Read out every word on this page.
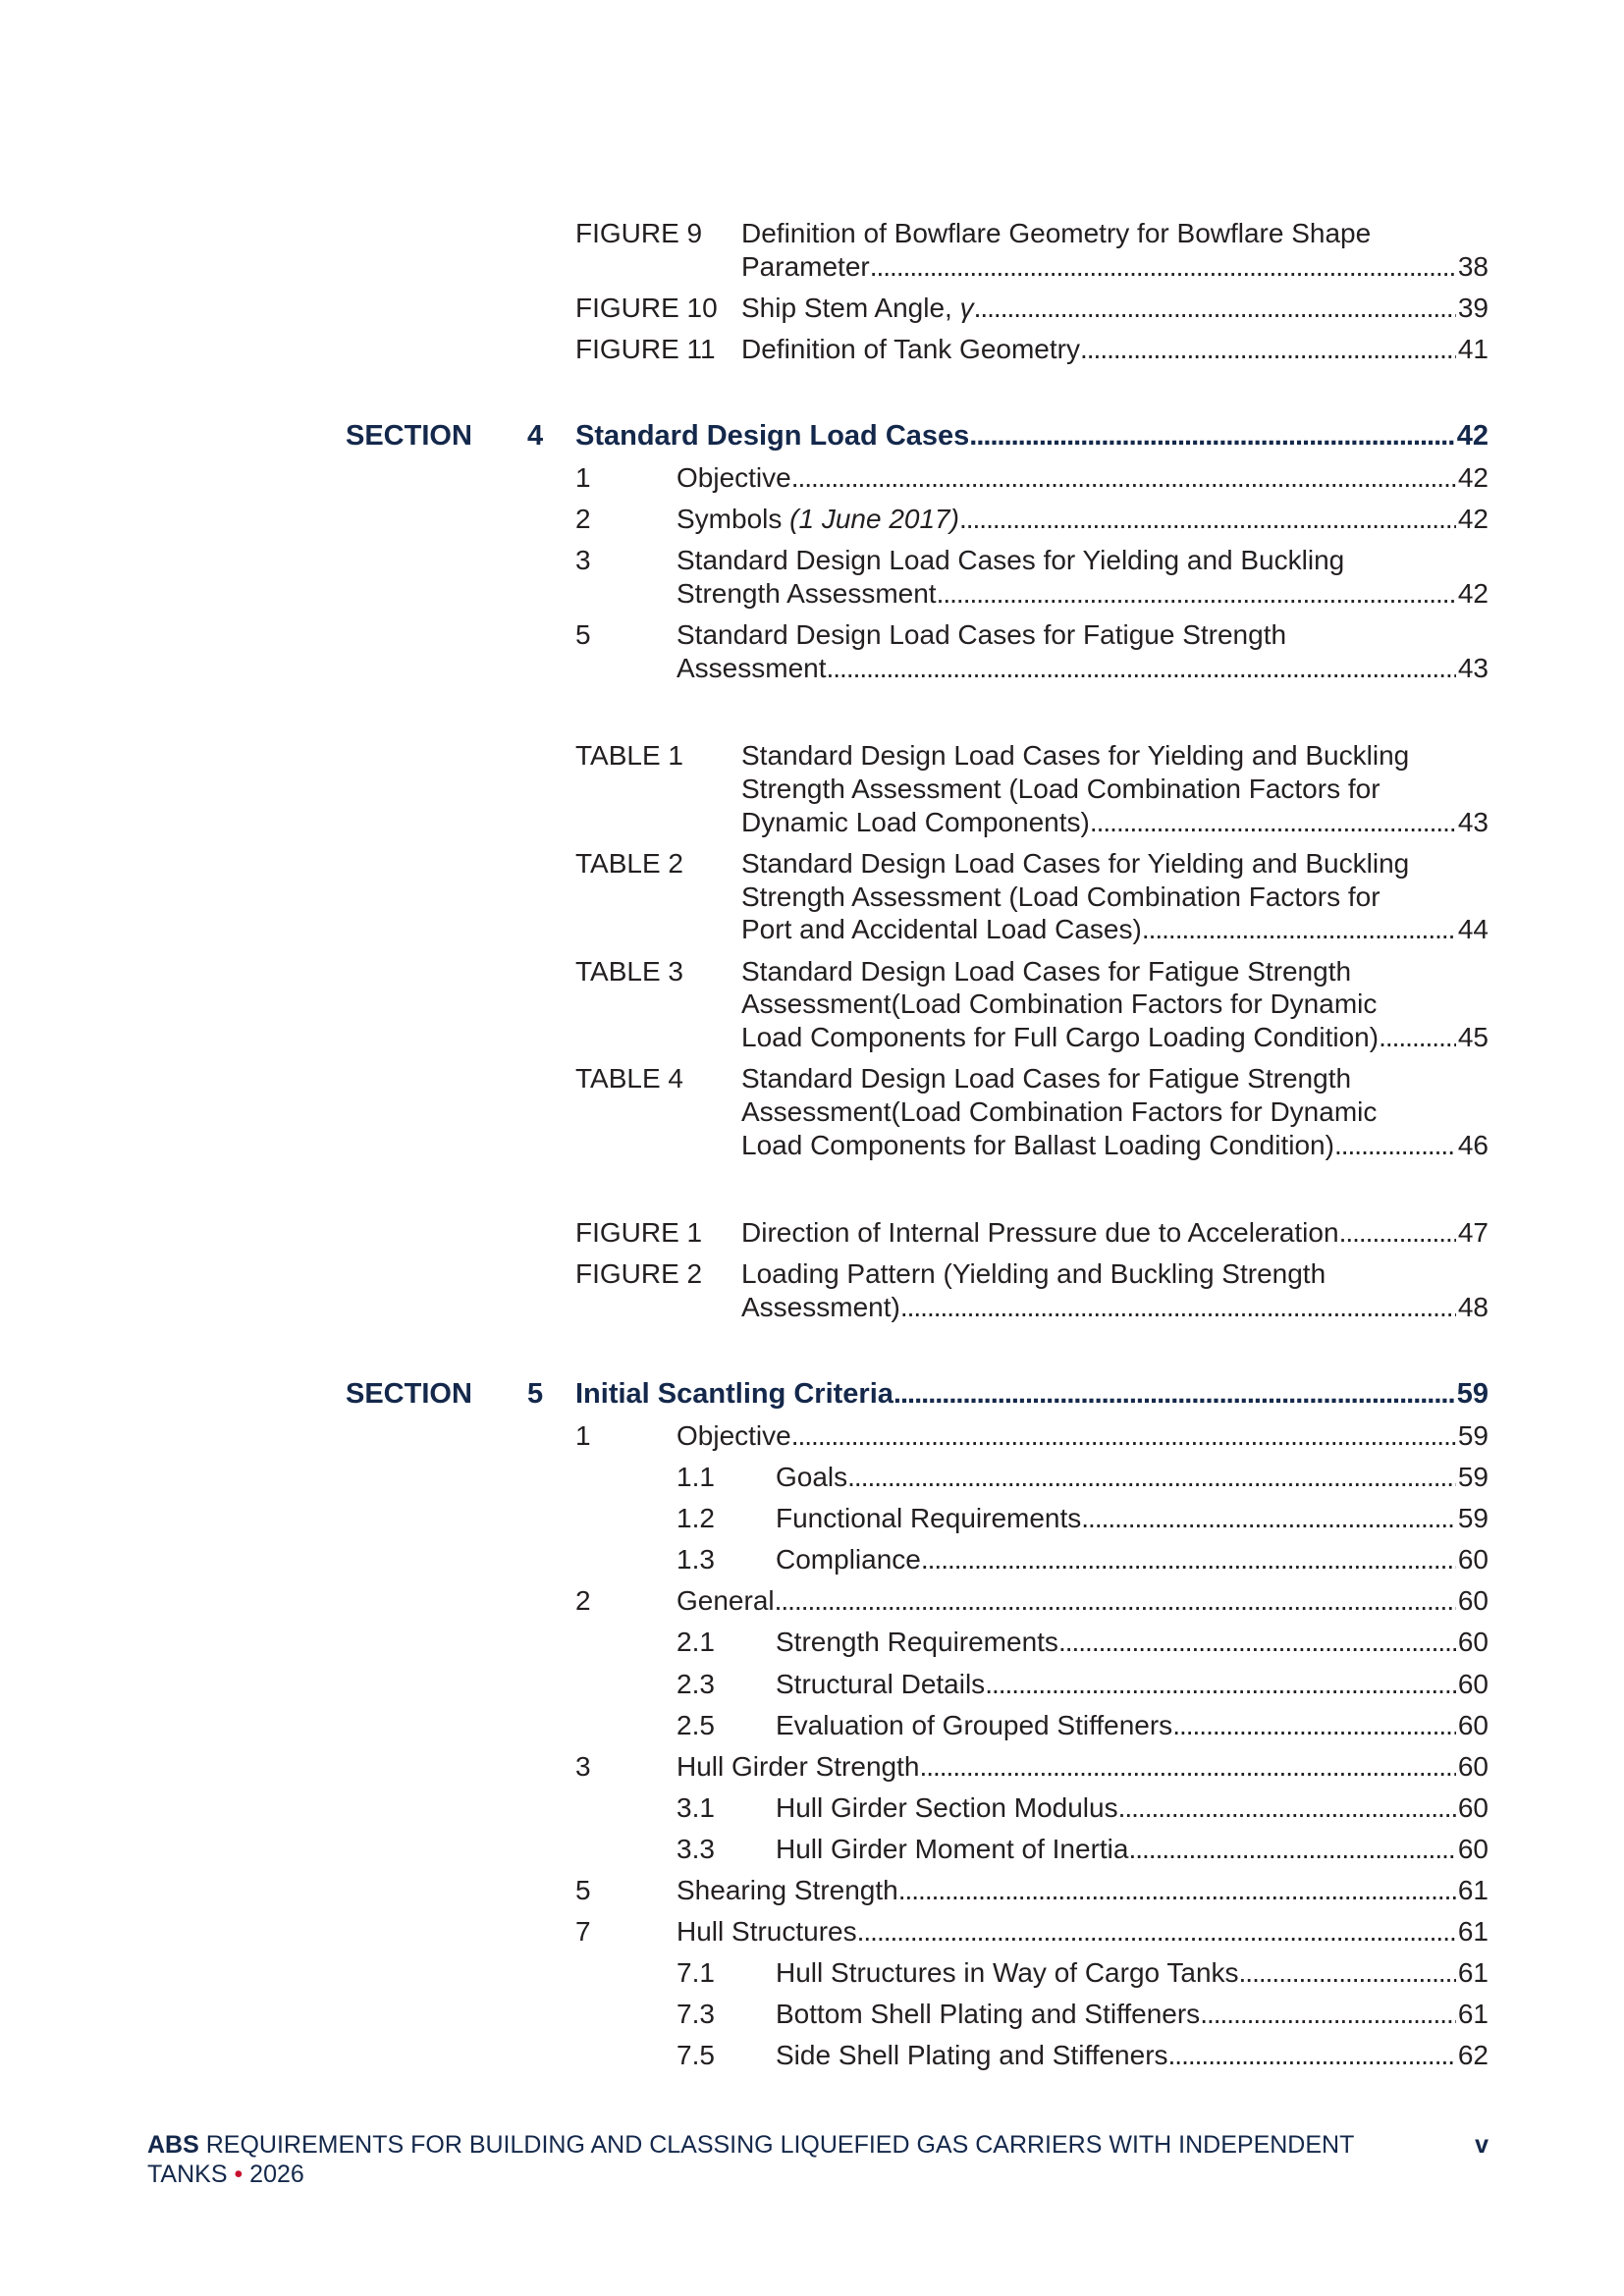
FIGURE 9 Definition of Bowflare Geometry for Bowflare Shape
Parameter .....	38
FIGURE 10 Ship Stem Angle, γ .....	39
FIGURE 11 Definition of Tank Geometry .....	41
SECTION 4 Standard Design Load Cases .....	42
1	Objective .....	42
2	Symbols (1 June 2017) .....	42
3	Standard Design Load Cases for Yielding and Buckling
Strength Assessment .....	42
5	Standard Design Load Cases for Fatigue Strength
Assessment .....	43
TABLE 1 Standard Design Load Cases for Yielding and Buckling
Strength Assessment (Load Combination Factors for
Dynamic Load Components) .....	43
TABLE 2 Standard Design Load Cases for Yielding and Buckling
Strength Assessment (Load Combination Factors for
Port and Accidental Load Cases) .....	44
TABLE 3 Standard Design Load Cases for Fatigue Strength
Assessment(Load Combination Factors for Dynamic
Load Components for Full Cargo Loading Condition) .....	45
TABLE 4 Standard Design Load Cases for Fatigue Strength
Assessment(Load Combination Factors for Dynamic
Load Components for Ballast Loading Condition) .....	46
FIGURE 1 Direction of Internal Pressure due to Acceleration .....	47
FIGURE 2 Loading Pattern (Yielding and Buckling Strength
Assessment) .....	48
SECTION 5 Initial Scantling Criteria .....	59
1	Objective .....	59
1.1 Goals .....	59
1.2 Functional Requirements .....	59
1.3 Compliance .....	60
2	General .....	60
2.1 Strength Requirements .....	60
2.3 Structural Details .....	60
2.5 Evaluation of Grouped Stiffeners .....	60
3	Hull Girder Strength .....	60
3.1 Hull Girder Section Modulus .....	60
3.3 Hull Girder Moment of Inertia .....	60
5	Shearing Strength .....	61
7	Hull Structures .....	61
7.1 Hull Structures in Way of Cargo Tanks .....	61
7.3 Bottom Shell Plating and Stiffeners .....	61
7.5 Side Shell Plating and Stiffeners .....	62
ABS REQUIREMENTS FOR BUILDING AND CLASSING LIQUEFIED GAS CARRIERS WITH INDEPENDENT TANKS • 2026
v
